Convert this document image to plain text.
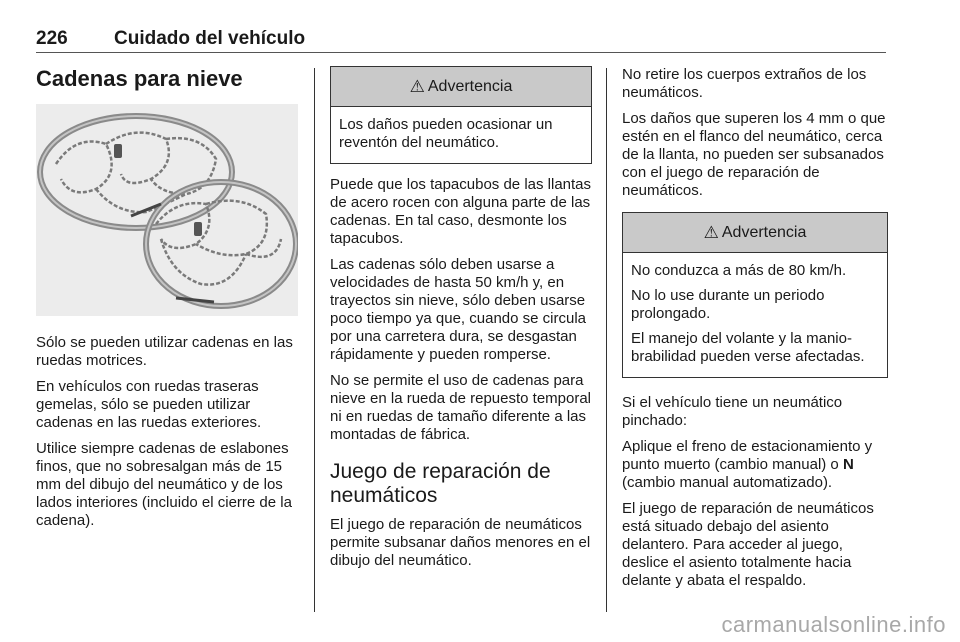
226 Cuidado del vehículo
Cadenas para nieve

Sólo se pueden utilizar cadenas en las ruedas motrices.

En vehículos con ruedas traseras gemelas, sólo se pueden utilizar cadenas en las ruedas exteriores.

Utilice siempre cadenas de eslabones finos, que no sobresalgan más de 15 mm del dibujo del neumático y de los lados interiores (incluido el cierre de la cadena).

⚠ Advertencia

Los daños pueden ocasionar un reventón del neumático.

Puede que los tapacubos de las llantas de acero rocen con alguna parte de las cadenas. En tal caso, desmonte los tapacubos.

Las cadenas sólo deben usarse a velocidades de hasta 50 km/h y, en trayectos sin nieve, sólo deben usarse poco tiempo ya que, cuando se circula por una carretera dura, se desgastan rápidamente y pueden romperse.

No se permite el uso de cadenas para nieve en la rueda de repuesto temporal ni en ruedas de tamaño diferente a las montadas de fábrica.

Juego de reparación de neumáticos

El juego de reparación de neumáticos permite subsanar daños menores en el dibujo del neumático.

No retire los cuerpos extraños de los neumáticos.

Los daños que superen los 4 mm o que estén en el flanco del neumático, cerca de la llanta, no pueden ser subsanados con el juego de reparación de neumáticos.

⚠ Advertencia

No conduzca a más de 80 km/h.

No lo use durante un periodo prolongado.

El manejo del volante y la maniobrabilidad pueden verse afectadas.

Si el vehículo tiene un neumático pinchado:

Aplique el freno de estacionamiento y punto muerto (cambio manual) o N (cambio manual automatizado).

El juego de reparación de neumáticos está situado debajo del asiento delantero. Para acceder al juego, deslice el asiento totalmente hacia delante y abata el respaldo.

carmanualsonline.info
